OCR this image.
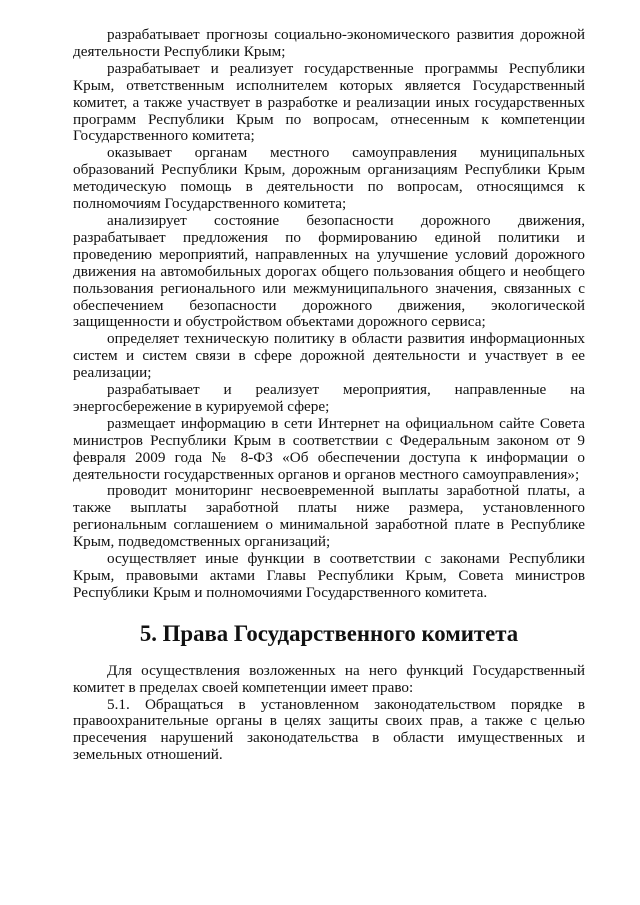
разрабатывает прогнозы социально-экономического развития дорожной деятельности Республики Крым;

разрабатывает и реализует государственные программы Республики Крым, ответственным исполнителем которых является Государственный комитет, а также участвует в разработке и реализации иных государственных программ Республики Крым по вопросам, отнесенным к компетенции Государственного комитета;

оказывает органам местного самоуправления муниципальных образований Республики Крым, дорожным организациям Республики Крым методическую помощь в деятельности по вопросам, относящимся к полномочиям Государственного комитета;

анализирует состояние безопасности дорожного движения, разрабатывает предложения по формированию единой политики и проведению мероприятий, направленных на улучшение условий дорожного движения на автомобильных дорогах общего пользования общего и необщего пользования регионального или межмуниципального значения, связанных с обеспечением безопасности дорожного движения, экологической защищенности и обустройством объектами дорожного сервиса;

определяет техническую политику в области развития информационных систем и систем связи в сфере дорожной деятельности и участвует в ее реализации;

разрабатывает и реализует мероприятия, направленные на энергосбережение в курируемой сфере;

размещает информацию в сети Интернет на официальном сайте Совета министров Республики Крым в соответствии с Федеральным законом от 9 февраля 2009 года № 8-ФЗ «Об обеспечении доступа к информации о деятельности государственных органов и органов местного самоуправления»;

проводит мониторинг несвоевременной выплаты заработной платы, а также выплаты заработной платы ниже размера, установленного региональным соглашением о минимальной заработной плате в Республике Крым, подведомственных организаций;

осуществляет иные функции в соответствии с законами Республики Крым, правовыми актами Главы Республики Крым, Совета министров Республики Крым и полномочиями Государственного комитета.

5. Права Государственного комитета

Для осуществления возложенных на него функций Государственный комитет в пределах своей компетенции имеет право:

5.1. Обращаться в установленном законодательством порядке в правоохранительные органы в целях защиты своих прав, а также с целью пресечения нарушений законодательства в области имущественных и земельных отношений.
